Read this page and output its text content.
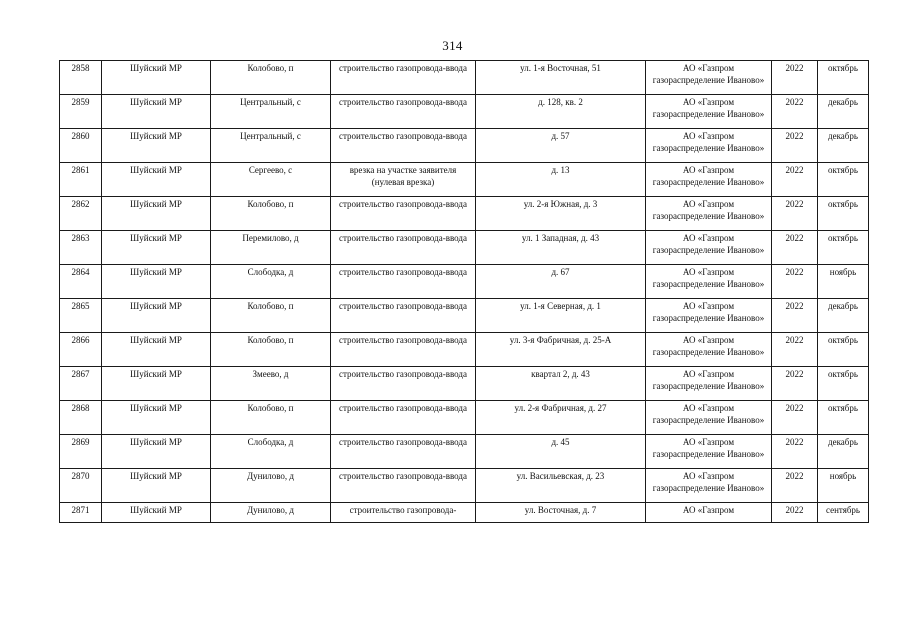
314
2858	Шуйский МР	Колобово, п	строительство газопровода-ввода	ул. 1-я Восточная, 51	АО «Газпром газораспределение Иваново»	2022	октябрь
2859	Шуйский МР	Центральный, с	строительство газопровода-ввода	д. 128, кв. 2	АО «Газпром газораспределение Иваново»	2022	декабрь
2860	Шуйский МР	Центральный, с	строительство газопровода-ввода	д. 57	АО «Газпром газораспределение Иваново»	2022	декабрь
2861	Шуйский МР	Сергеево, с	врезка на участке заявителя (нулевая врезка)	д. 13	АО «Газпром газораспределение Иваново»	2022	октябрь
2862	Шуйский МР	Колобово, п	строительство газопровода-ввода	ул. 2-я Южная, д. 3	АО «Газпром газораспределение Иваново»	2022	октябрь
2863	Шуйский МР	Перемилово, д	строительство газопровода-ввода	ул. 1 Западная, д. 43	АО «Газпром газораспределение Иваново»	2022	октябрь
2864	Шуйский МР	Слободка, д	строительство газопровода-ввода	д. 67	АО «Газпром газораспределение Иваново»	2022	ноябрь
2865	Шуйский МР	Колобово, п	строительство газопровода-ввода	ул. 1-я Северная, д. 1	АО «Газпром газораспределение Иваново»	2022	декабрь
2866	Шуйский МР	Колобово, п	строительство газопровода-ввода	ул. 3-я Фабричная, д. 25-А	АО «Газпром газораспределение Иваново»	2022	октябрь
2867	Шуйский МР	Змеево, д	строительство газопровода-ввода	квартал 2, д. 43	АО «Газпром газораспределение Иваново»	2022	октябрь
2868	Шуйский МР	Колобово, п	строительство газопровода-ввода	ул. 2-я Фабричная, д. 27	АО «Газпром газораспределение Иваново»	2022	октябрь
2869	Шуйский МР	Слободка, д	строительство газопровода-ввода	д. 45	АО «Газпром газораспределение Иваново»	2022	декабрь
2870	Шуйский МР	Дунилово, д	строительство газопровода-ввода	ул. Васильевская, д. 23	АО «Газпром газораспределение Иваново»	2022	ноябрь
2871	Шуйский МР	Дунилово, д	строительство газопровода-	ул. Восточная, д. 7	АО «Газпром	2022	сентябрь
